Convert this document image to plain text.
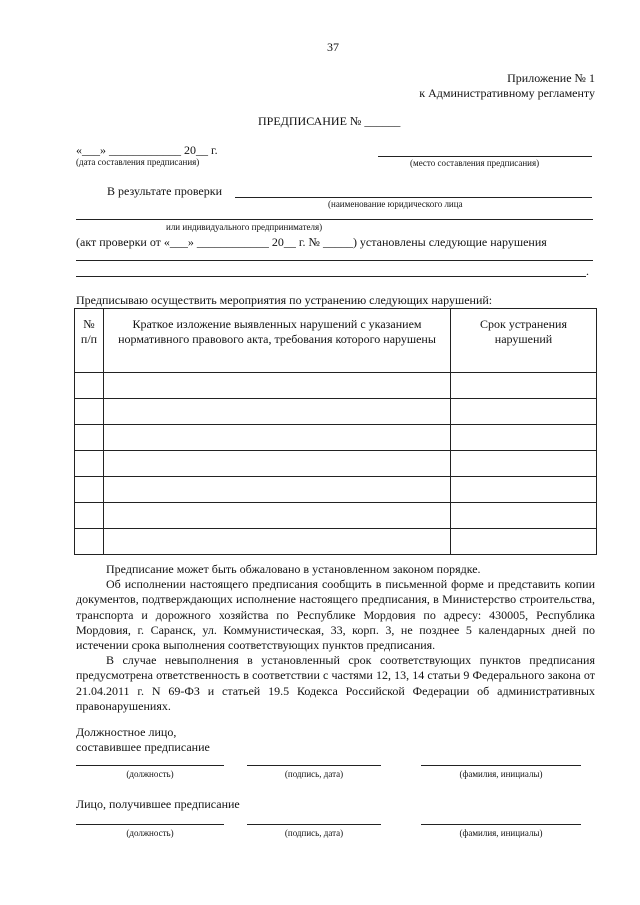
37
Приложение № 1
к Административному регламенту
ПРЕДПИСАНИЕ № ______
«___» ____________ 20__ г.
(дата составления предписания)	(место составления предписания)
В результате проверки
(наименование юридического лица
или индивидуального предпринимателя)
(акт проверки от «___» ____________ 20__ г. № _____) установлены следующие нарушения
.
Предписываю осуществить мероприятия по устранению следующих нарушений:
№ п/п	Краткое изложение выявленных нарушений с указанием нормативного правового акта, требования которого нарушены	Срок устранения нарушений

Предписание может быть обжаловано в установленном законом порядке.

Об исполнении настоящего предписания сообщить в письменной форме и представить копии документов, подтверждающих исполнение настоящего предписания, в Министерство строительства, транспорта и дорожного хозяйства по Республике Мордовия по адресу: 430005, Республика Мордовия, г. Саранск, ул. Коммунистическая, 33, корп. 3, не позднее 5 календарных дней по истечении срока выполнения соответствующих пунктов предписания.

В случае невыполнения в установленный срок соответствующих пунктов предписания предусмотрена ответственность в соответствии с частями 12, 13, 14 статьи 9 Федерального закона от 21.04.2011 г. N 69-ФЗ и статьей 19.5 Кодекса Российской Федерации об административных правонарушениях.

Должностное лицо,
составившее предписание
(должность)	(подпись, дата)	(фамилия, инициалы)
Лицо, получившее предписание
(должность)	(подпись, дата)	(фамилия, инициалы)
